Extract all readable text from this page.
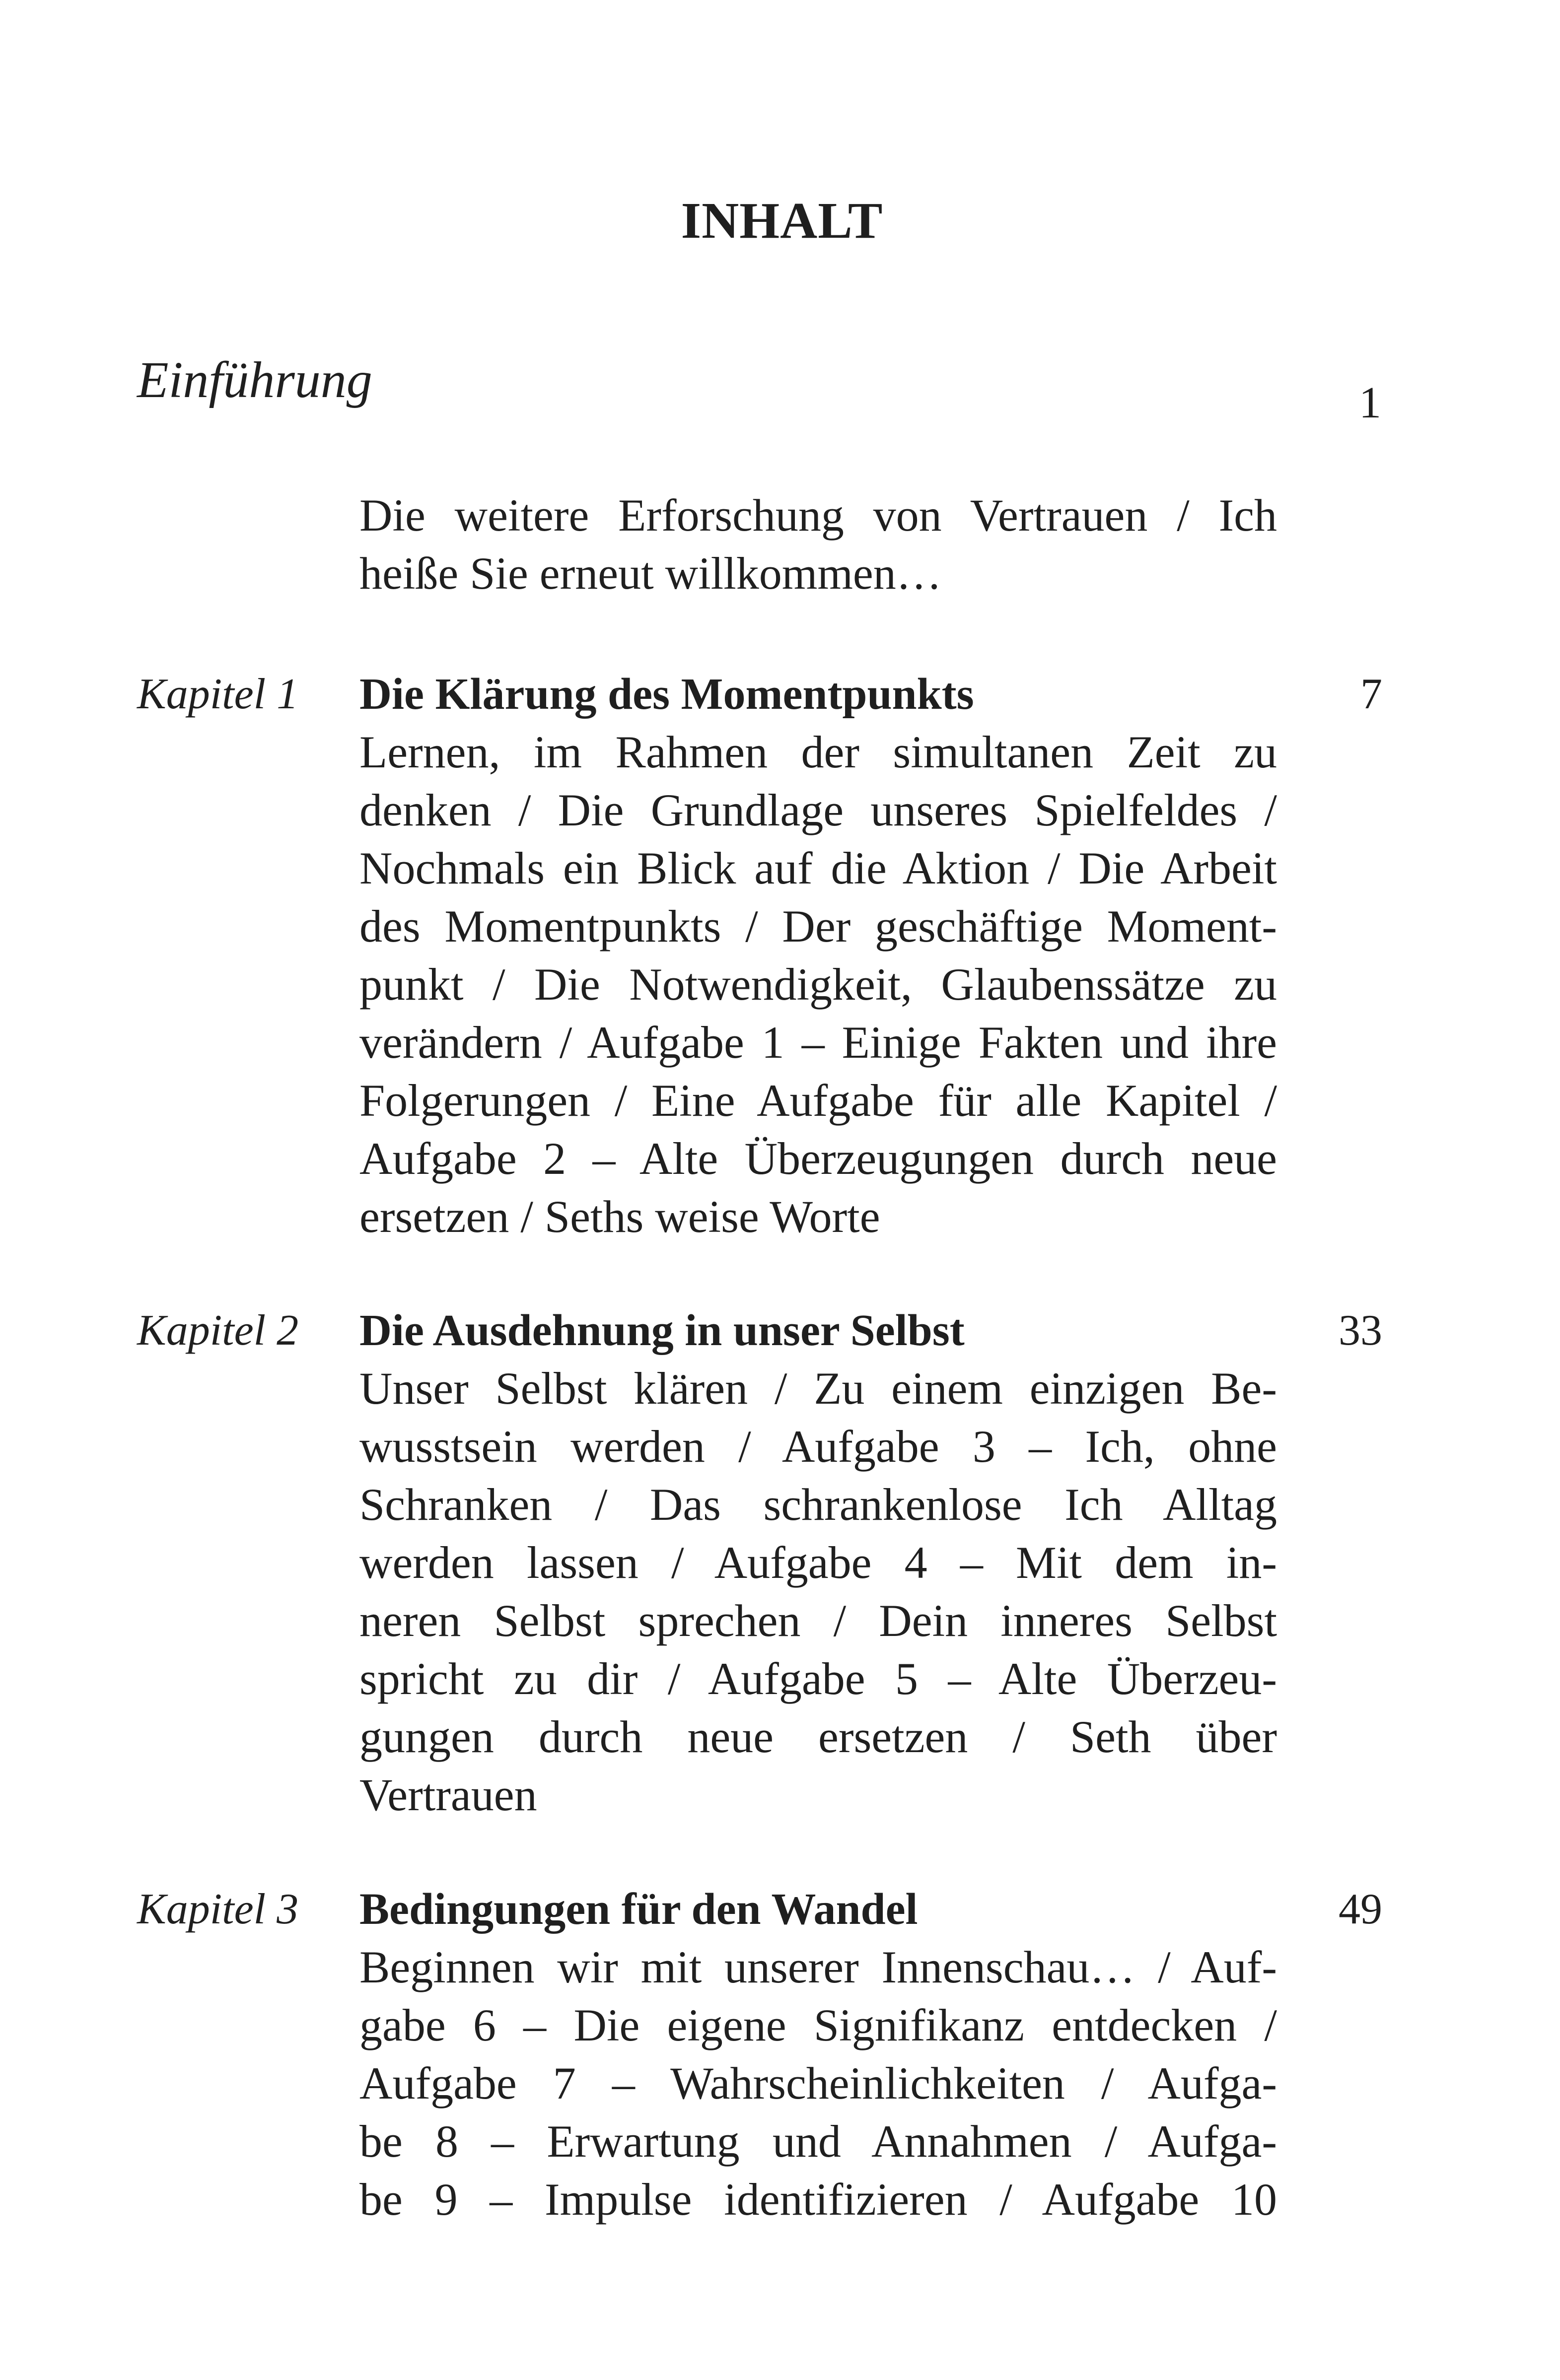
INHALT
Einführung	1
Die weitere Erforschung von Vertrauen / Ich
heiße Sie erneut willkommen…
Kapitel 1	7
Die Klärung des Momentpunkts
Lernen, im Rahmen der simultanen Zeit zu
denken / Die Grundlage unseres Spielfeldes /
Nochmals ein Blick auf die Aktion / Die Arbeit
des Momentpunkts / Der geschäftige Moment-
punkt / Die Notwendigkeit, Glaubenssätze zu
verändern / Aufgabe 1 – Einige Fakten und ihre
Folgerungen / Eine Aufgabe für alle Kapitel /
Aufgabe 2 – Alte Überzeugungen durch neue
ersetzen / Seths weise Worte
Kapitel 2	33
Die Ausdehnung in unser Selbst
Unser Selbst klären / Zu einem einzigen Be-
wusstsein werden / Aufgabe 3 – Ich, ohne
Schranken / Das schrankenlose Ich Alltag
werden lassen / Aufgabe 4 – Mit dem in-
neren Selbst sprechen / Dein inneres Selbst
spricht zu dir / Aufgabe 5 – Alte Überzeu-
gungen durch neue ersetzen / Seth über
Vertrauen
Kapitel 3	49
Bedingungen für den Wandel
Beginnen wir mit unserer Innenschau… / Auf-
gabe 6 – Die eigene Signifikanz entdecken /
Aufgabe 7 – Wahrscheinlichkeiten / Aufga-
be 8 – Erwartung und Annahmen / Aufga-
be 9 – Impulse identifizieren / Aufgabe 10
